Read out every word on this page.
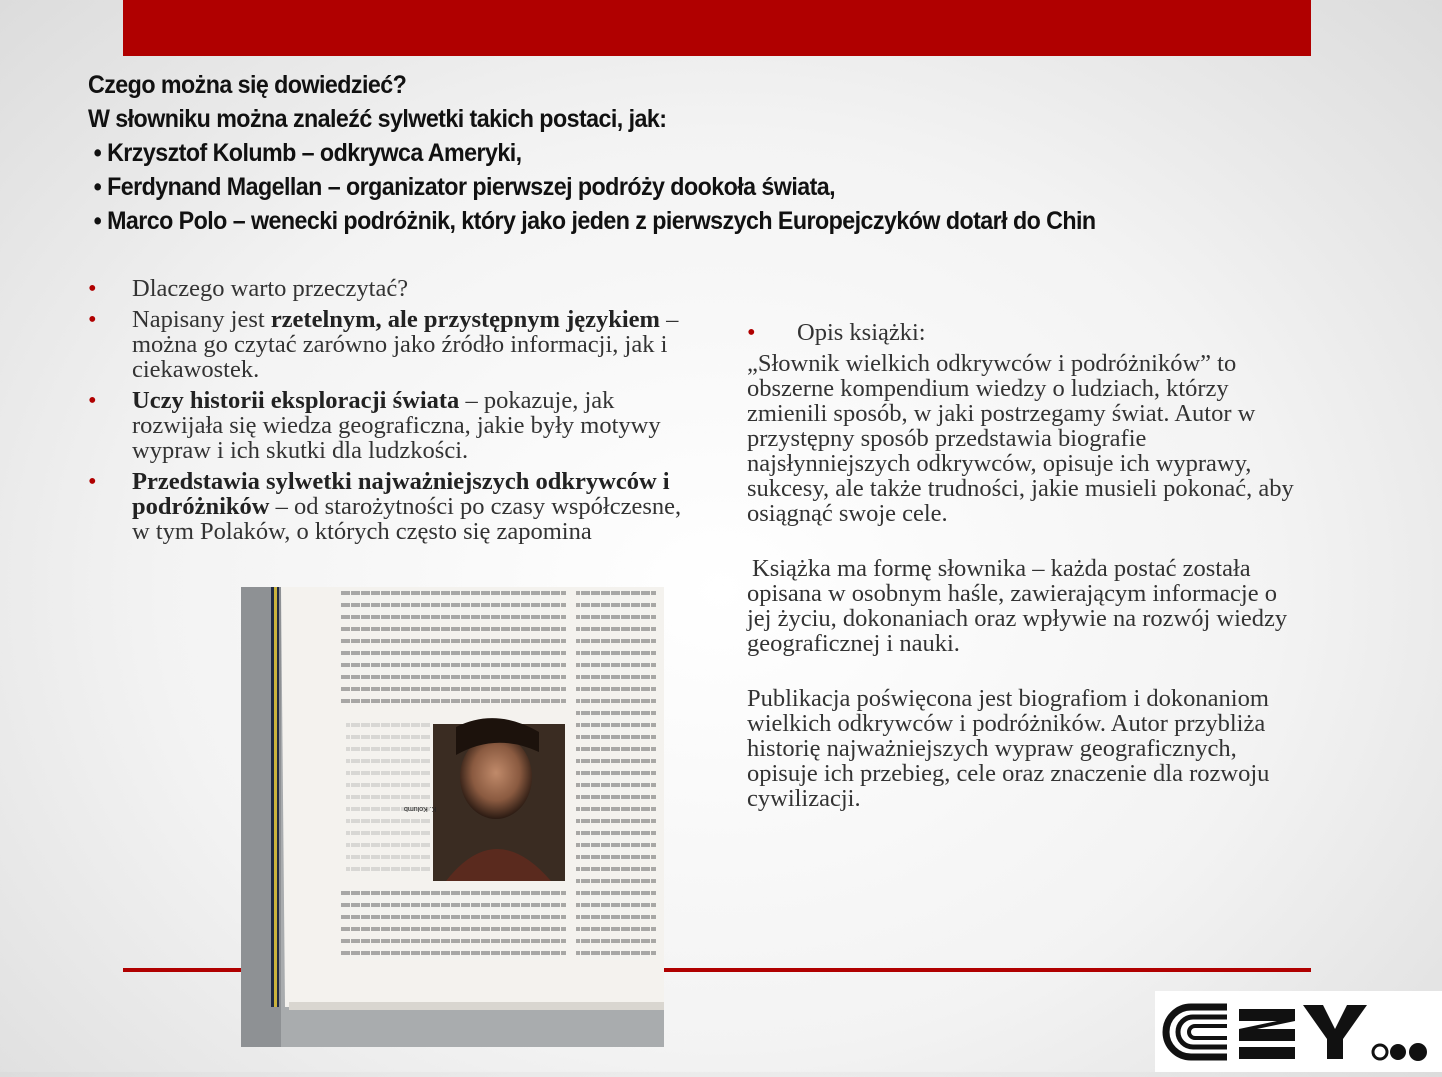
Czego można się dowiedzieć?
W słowniku można znaleźć sylwetki takich postaci, jak:
• Krzysztof Kolumb – odkrywca Ameryki,
• Ferdynand Magellan – organizator pierwszej podróży dookoła świata,
• Marco Polo – wenecki podróżnik, który jako jeden z pierwszych Europejczyków dotarł do Chin
• Dlaczego warto przeczytać?
• Napisany jest rzetelnym, ale przystępnym językiem – można go czytać zarówno jako źródło informacji, jak i ciekawostek.
• Uczy historii eksploracji świata – pokazuje, jak rozwijała się wiedza geograficzna, jakie były motywy wypraw i ich skutki dla ludzkości.
• Przedstawia sylwetki najważniejszych odkrywców i podróżników – od starożytności po czasy współczesne, w tym Polaków, o których często się zapomina
• Opis książki:

„Słownik wielkich odkrywców i podróżników” to obszerne kompendium wiedzy o ludziach, którzy zmienili sposób, w jaki postrzegamy świat. Autor w przystępny sposób przedstawia biografie najsłynniejszych odkrywców, opisuje ich wyprawy, sukcesy, ale także trudności, jakie musieli pokonać, aby osiągnąć swoje cele.

Książka ma formę słownika – każda postać została opisana w osobnym haśle, zawierającym informacje o jej życiu, dokonaniach oraz wpływie na rozwój wiedzy geograficznej i nauki.

Publikacja poświęcona jest biografiom i dokonaniom wielkich odkrywców i podróżników. Autor przybliża historię najważniejszych wypraw geograficznych, opisuje ich przebieg, cele oraz znaczenie dla rozwoju cywilizacji.

K. Kolumb
